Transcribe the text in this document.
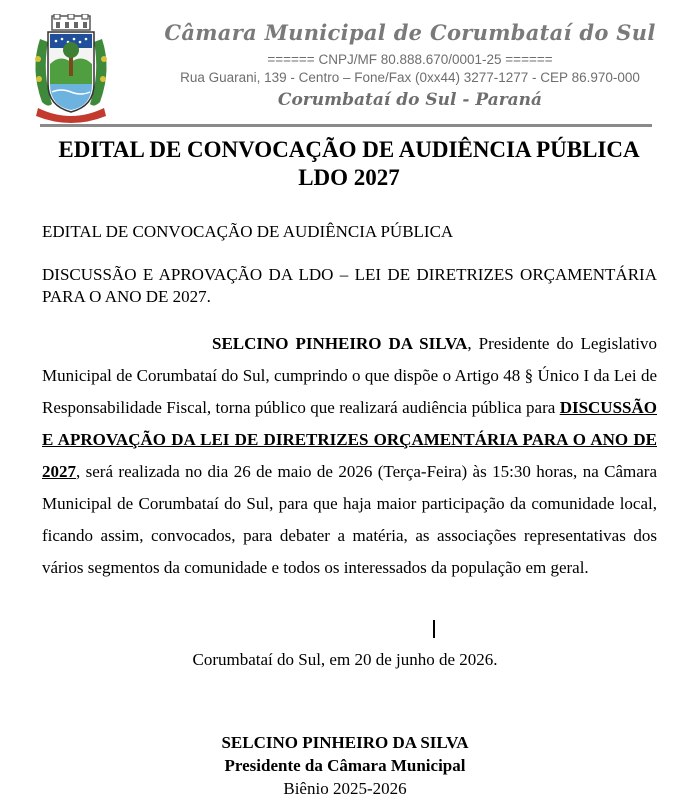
Câmara Municipal de Corumbataí do Sul
====== CNPJ/MF 80.888.670/0001-25 ======
Rua Guarani, 139 - Centro – Fone/Fax (0xx44) 3277-1277 - CEP 86.970-000
Corumbataí do Sul - Paraná
EDITAL DE CONVOCAÇÃO DE AUDIÊNCIA PÚBLICA
LDO 2027
EDITAL DE CONVOCAÇÃO DE AUDIÊNCIA PÚBLICA
DISCUSSÃO E APROVAÇÃO DA LDO – LEI DE DIRETRIZES ORÇAMENTÁRIA PARA O ANO DE 2027.
SELCINO PINHEIRO DA SILVA, Presidente do Legislativo Municipal de Corumbataí do Sul, cumprindo o que dispõe o Artigo 48 § Único I da Lei de Responsabilidade Fiscal, torna público que realizará audiência pública para DISCUSSÃO E APROVAÇÃO DA LEI DE DIRETRIZES ORÇAMENTÁRIA PARA O ANO DE 2027, será realizada no dia 26 de maio de 2026 (Terça-Feira) às 15:30 horas, na Câmara Municipal de Corumbataí do Sul, para que haja maior participação da comunidade local, ficando assim, convocados, para debater a matéria, as associações representativas dos vários segmentos da comunidade e todos os interessados da população em geral.
Corumbataí do Sul, em 20 de junho de 2026.
SELCINO PINHEIRO DA SILVA
Presidente da Câmara Municipal
Biênio 2025-2026
